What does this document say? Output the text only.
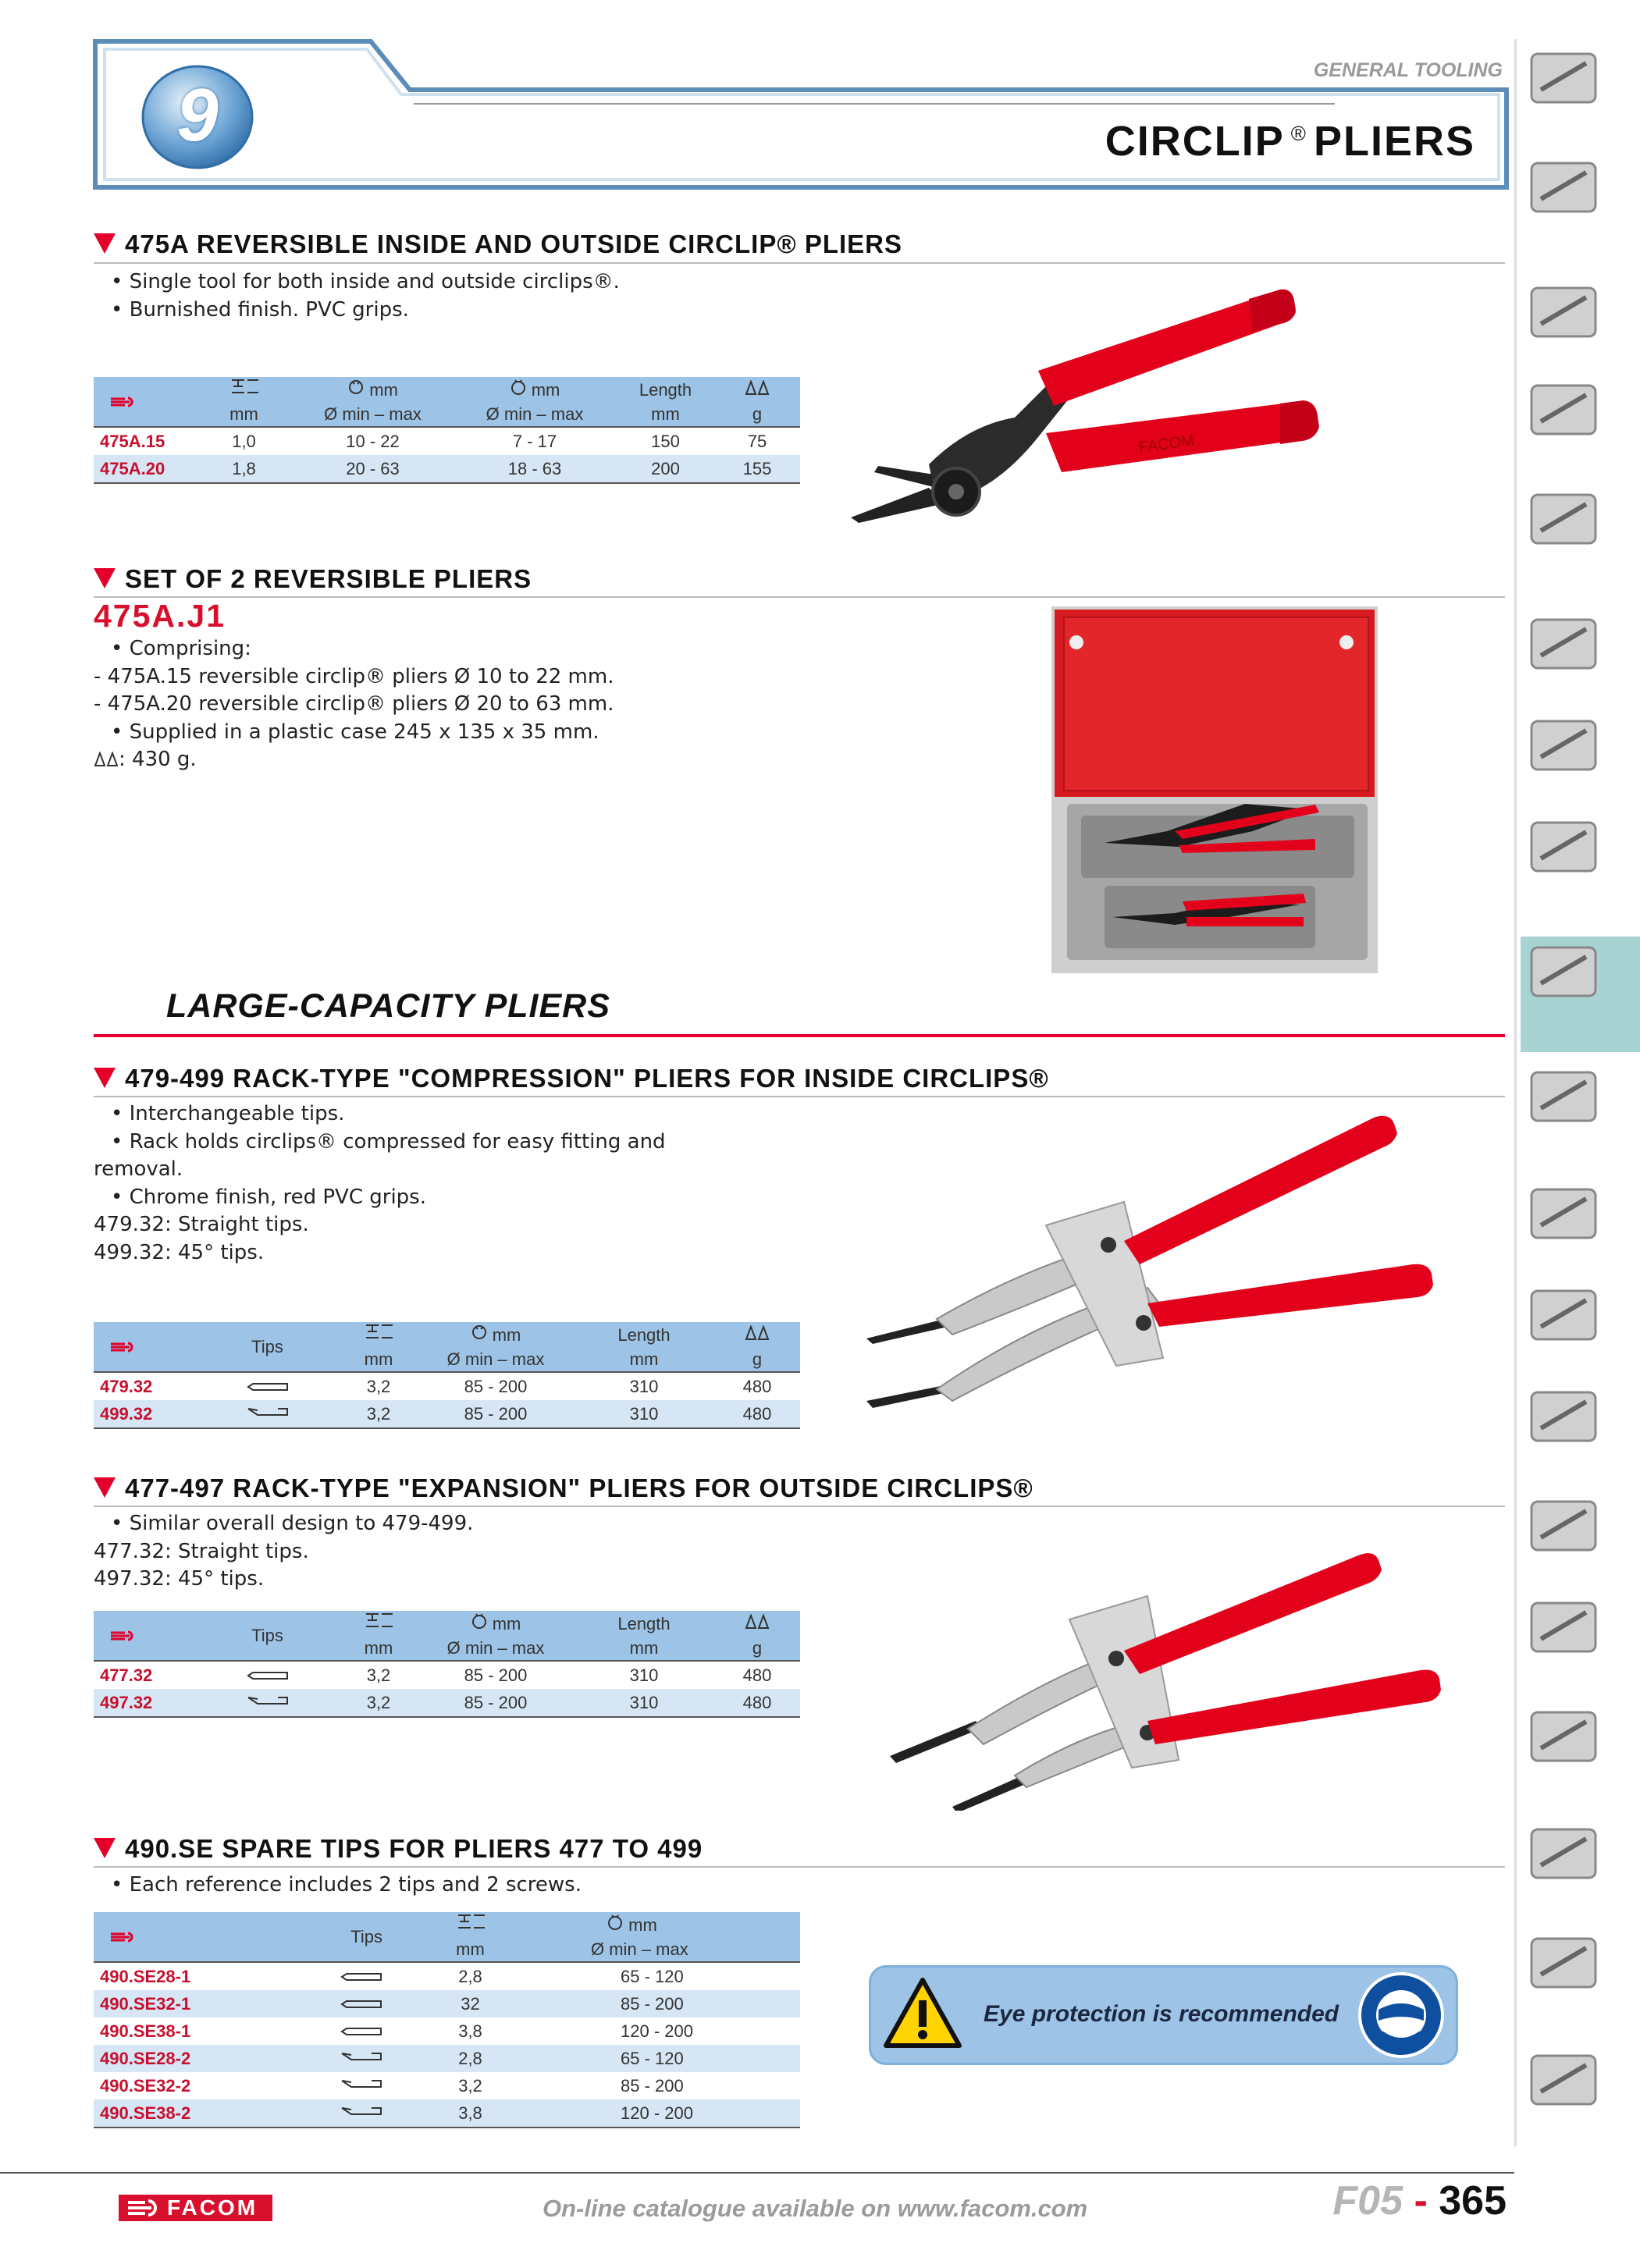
9
GENERAL TOOLING
CIRCLIP ® PLIERS
475A REVERSIBLE INSIDE AND OUTSIDE CIRCLIP® PLIERS
• Single tool for both inside and outside circlips®.
• Burnished finish. PVC grips.
		mm	mm	Length	
	mm	Ø min – max	Ø min – max	mm	g
475A.15	1,0	10 - 22	7 - 17	150	75
475A.20	1,8	20 - 63	18 - 63	200	155
FACOM
SET OF 2 REVERSIBLE PLIERS
475A.J1
• Comprising:
- 475A.15 reversible circlip® pliers Ø 10 to 22 mm.
- 475A.20 reversible circlip® pliers Ø 20 to 63 mm.
• Supplied in a plastic case 245 x 135 x 35 mm.
: 430 g.
LARGE-CAPACITY PLIERS
479-499 RACK-TYPE "COMPRESSION" PLIERS FOR INSIDE CIRCLIPS®
• Interchangeable tips.
• Rack holds circlips® compressed for easy fitting and
removal.
• Chrome finish, red PVC grips.
479.32: Straight tips.
499.32: 45° tips.
	Tips		mm	Length	
		mm	Ø min – max	mm	g
479.32		3,2	85 - 200	310	480
499.32		3,2	85 - 200	310	480
477-497 RACK-TYPE "EXPANSION" PLIERS FOR OUTSIDE CIRCLIPS®
• Similar overall design to 479-499.
477.32: Straight tips.
497.32: 45° tips.
	Tips		mm	Length	
		mm	Ø min – max	mm	g
477.32		3,2	85 - 200	310	480
497.32		3,2	85 - 200	310	480
490.SE SPARE TIPS FOR PLIERS 477 TO 499
• Each reference includes 2 tips and 2 screws.
	Tips		mm
		mm	Ø min – max
490.SE28-1		2,8	65 - 120
490.SE32-1		32	85 - 200
490.SE38-1		3,8	120 - 200
490.SE28-2		2,8	65 - 120
490.SE32-2		3,2	85 - 200
490.SE38-2		3,8	120 - 200
Eye protection is recommended
FACOM	On-line catalogue available on www.facom.com	F05 - 365
